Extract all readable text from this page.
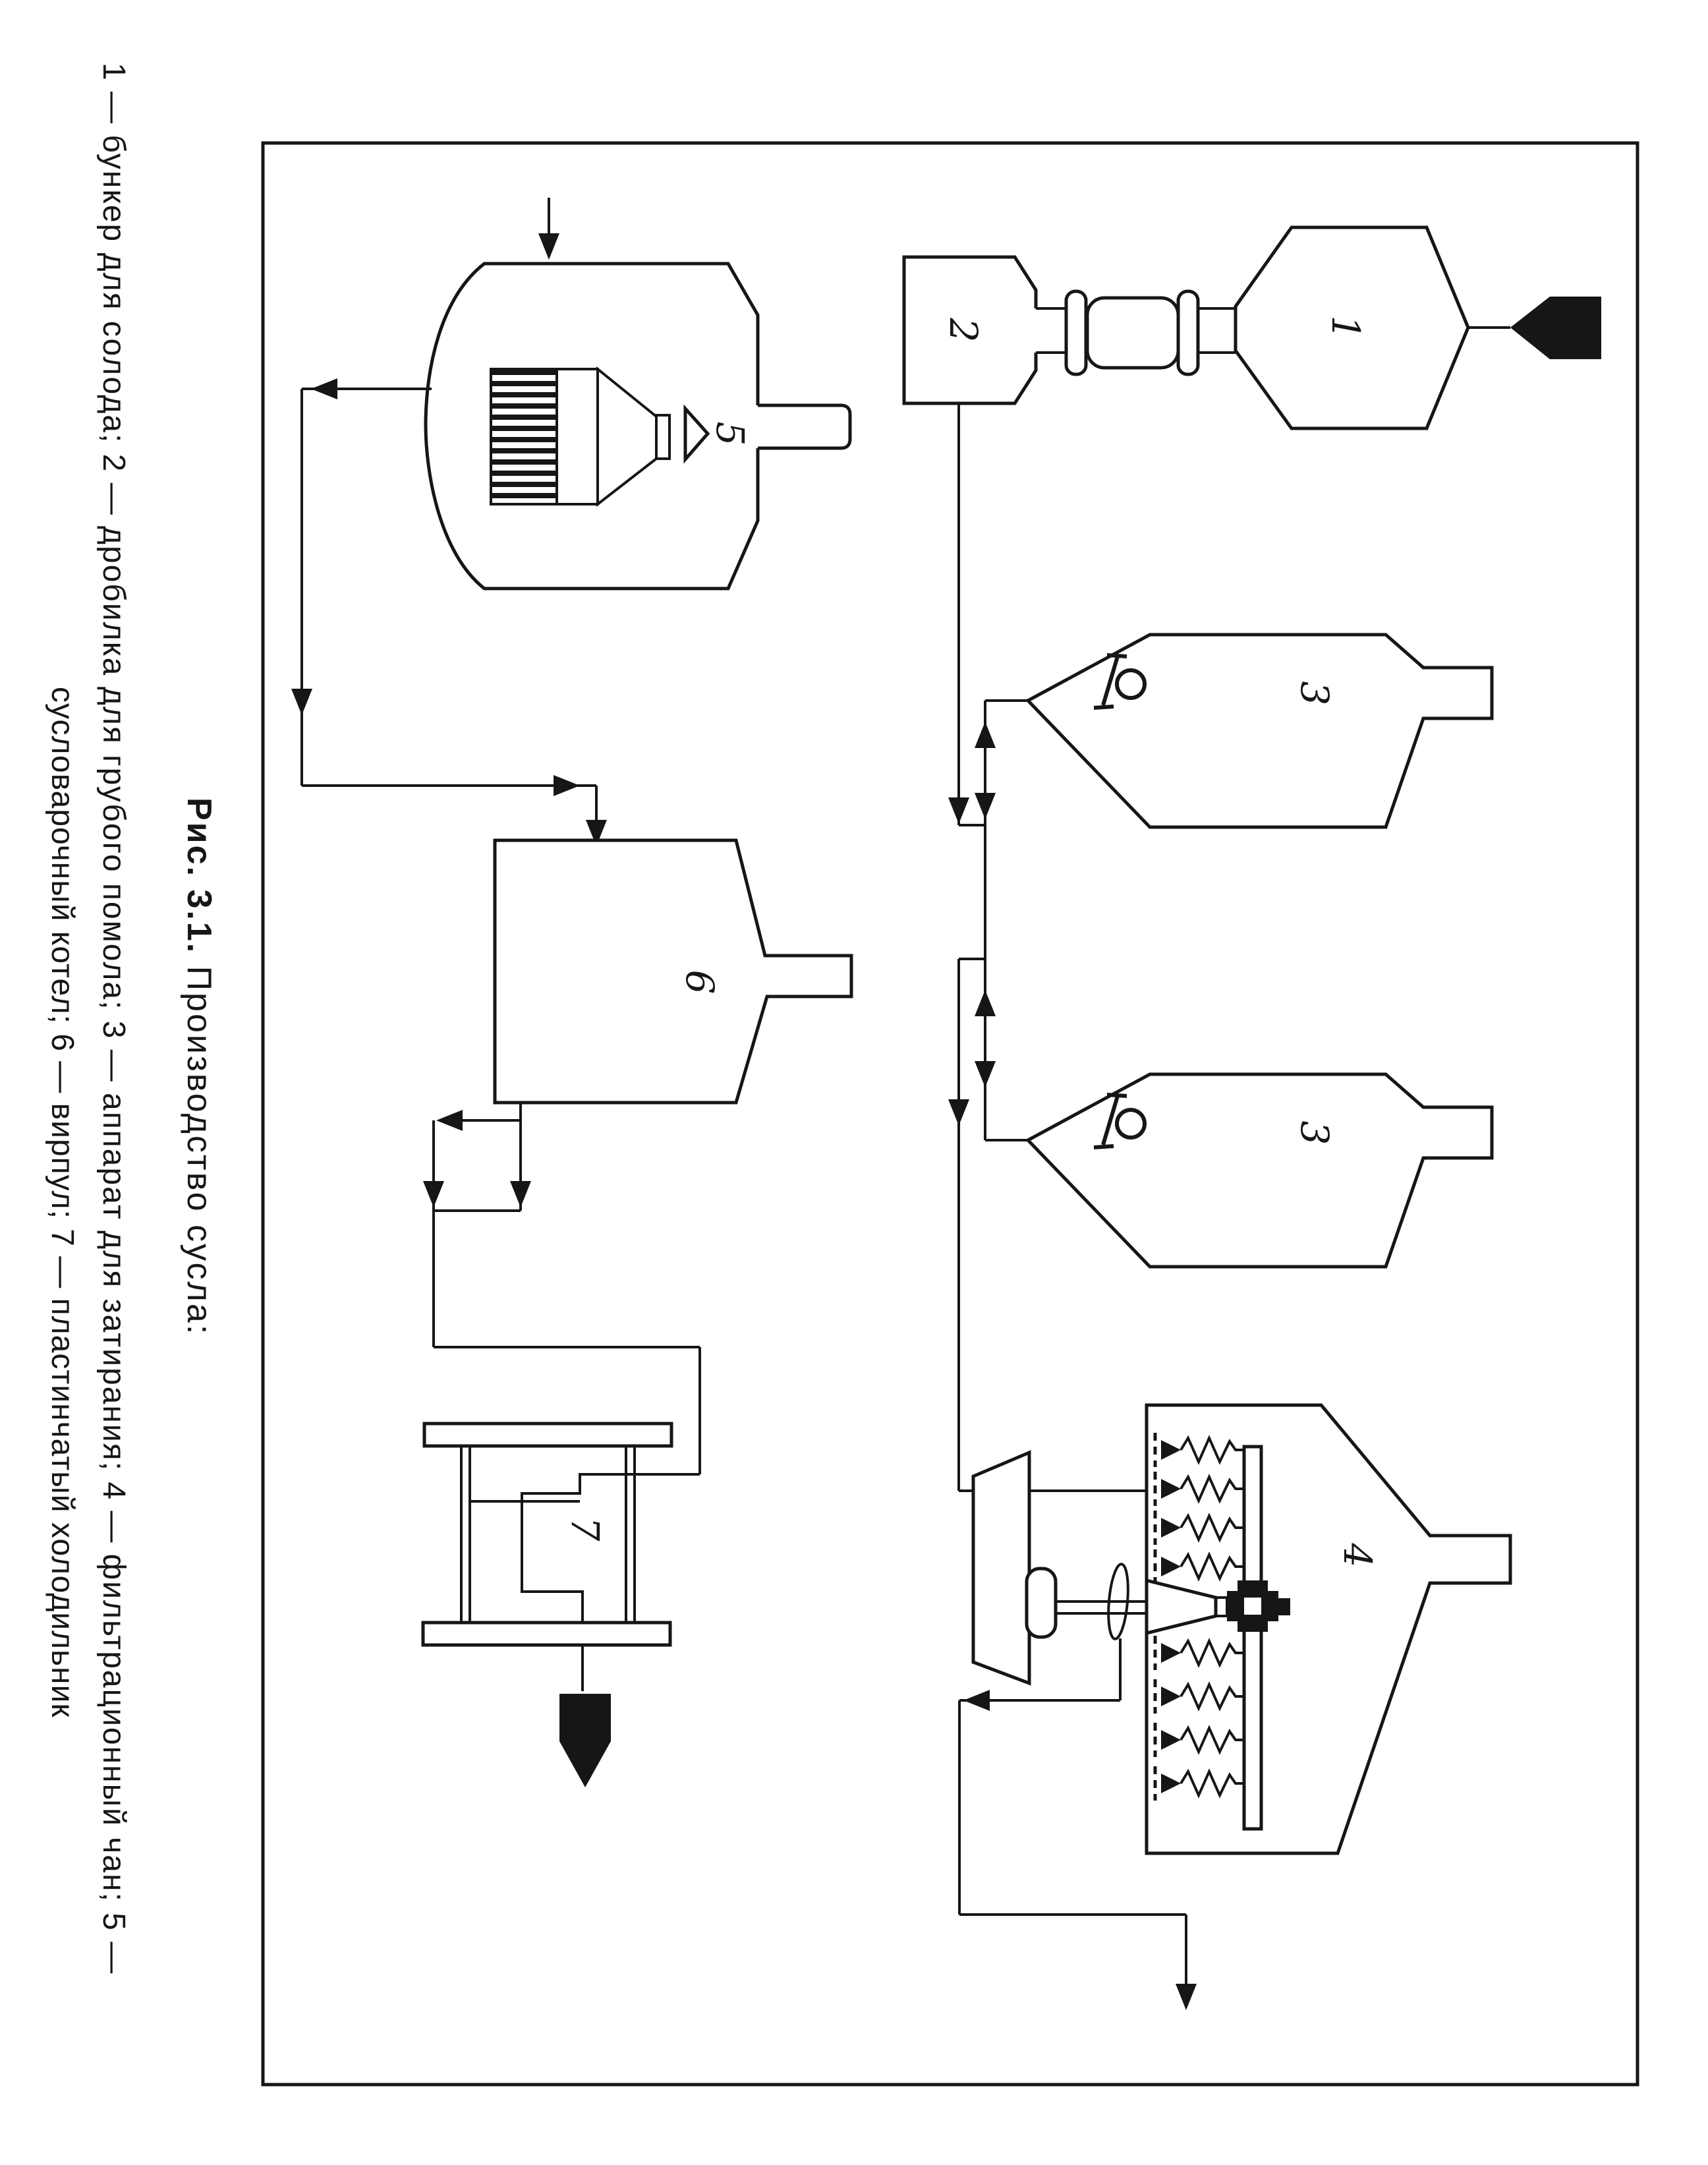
1 — бункер для солода; 2 — дробилка для грубого помола; 3 — аппарат для затирания; 4 — фильтрационный чан; 5 —
сусловарочный котел; 6 — вирпул; 7 — пластинчатый холодильник	Рис. 3.1. Производство сусла:
1
2
3
3
4
5
6
7
